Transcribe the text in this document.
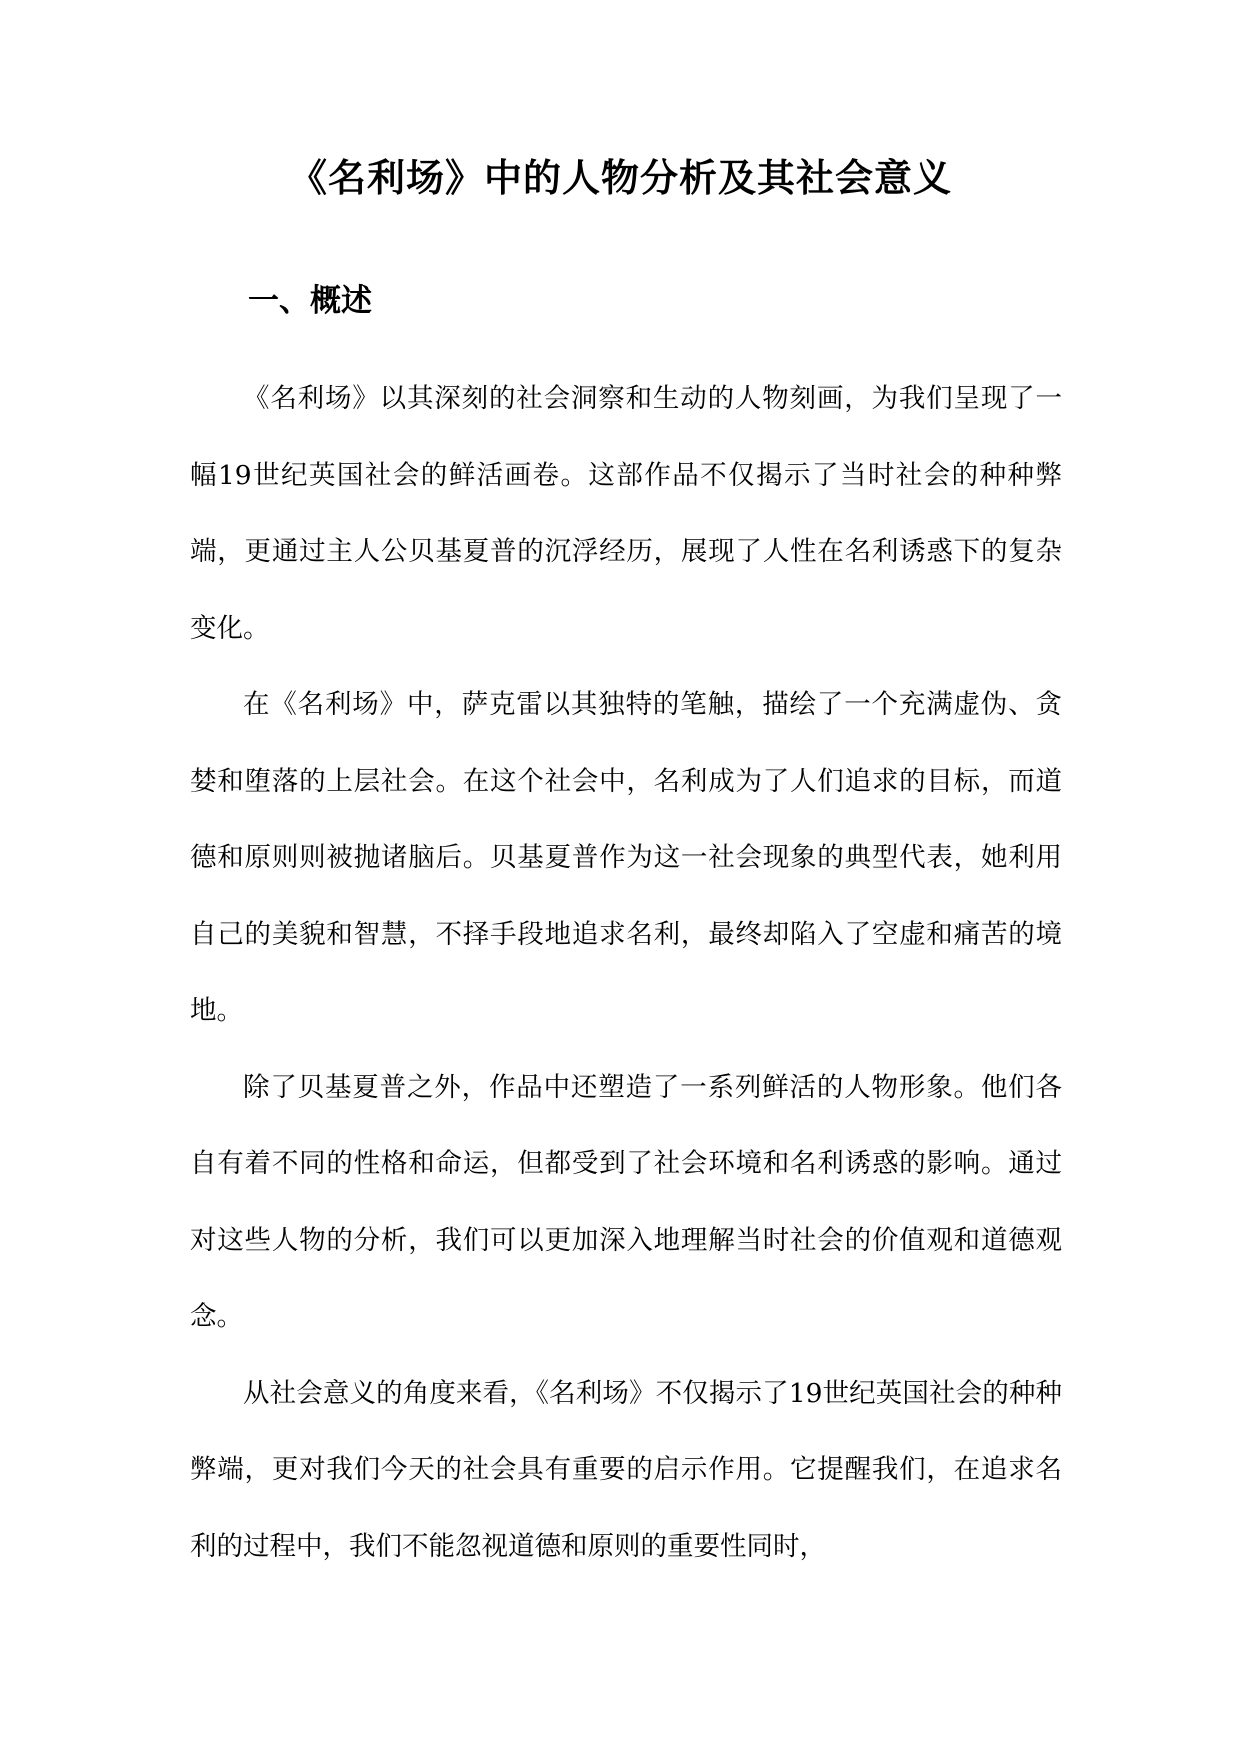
《名利场》中的人物分析及其社会意义
一、概述

《名利场》以其深刻的社会洞察和生动的人物刻画，为我们呈现了一幅19世纪英国社会的鲜活画卷。这部作品不仅揭示了当时社会的种种弊端，更通过主人公贝基夏普的沉浮经历，展现了人性在名利诱惑下的复杂变化。

在《名利场》中，萨克雷以其独特的笔触，描绘了一个充满虚伪、贪婪和堕落的上层社会。在这个社会中，名利成为了人们追求的目标，而道德和原则则被抛诸脑后。贝基夏普作为这一社会现象的典型代表，她利用自己的美貌和智慧，不择手段地追求名利，最终却陷入了空虚和痛苦的境地。

除了贝基夏普之外，作品中还塑造了一系列鲜活的人物形象。他们各自有着不同的性格和命运，但都受到了社会环境和名利诱惑的影响。通过对这些人物的分析，我们可以更加深入地理解当时社会的价值观和道德观念。

从社会意义的角度来看，《名利场》不仅揭示了19世纪英国社会的种种弊端，更对我们今天的社会具有重要的启示作用。它提醒我们，在追求名利的过程中，我们不能忽视道德和原则的重要性同时，
